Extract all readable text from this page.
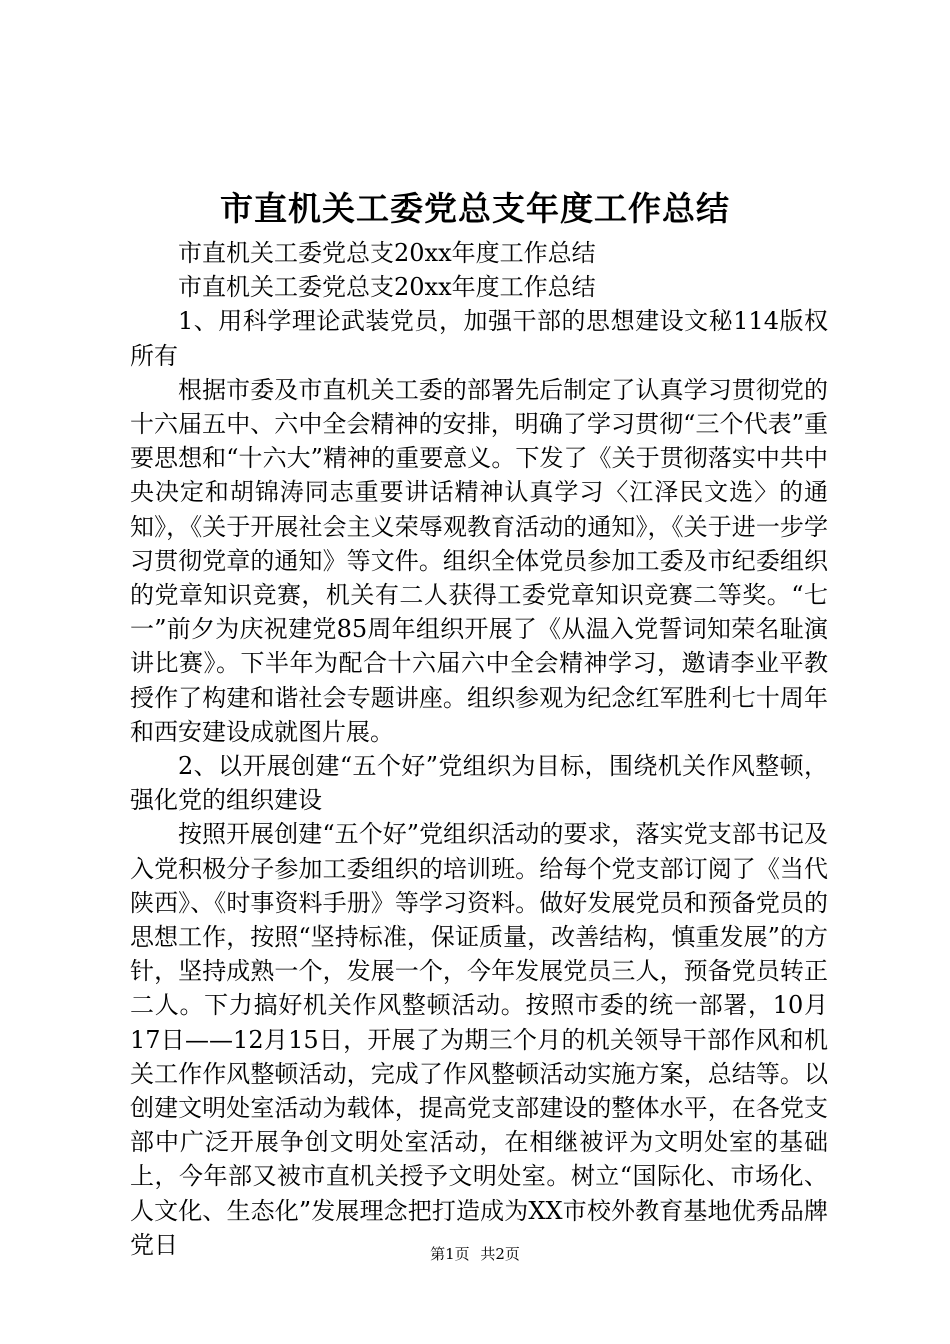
市直机关工委党总支年度工作总结

市直机关工委党总支20xx年度工作总结

市直机关工委党总支20xx年度工作总结

1、用科学理论武装党员，加强干部的思想建设文秘114版权所有

根据市委及市直机关工委的部署先后制定了认真学习贯彻党的十六届五中、六中全会精神的安排，明确了学习贯彻“三个代表”重要思想和“十六大”精神的重要意义。下发了《关于贯彻落实中共中央决定和胡锦涛同志重要讲话精神认真学习〈江泽民文选〉的通知》，《关于开展社会主义荣辱观教育活动的通知》，《关于进一步学习贯彻党章的通知》等文件。组织全体党员参加工委及市纪委组织的党章知识竞赛，机关有二人获得工委党章知识竞赛二等奖。“七一”前夕为庆祝建党85周年组织开展了《从温入党誓词知荣名耻演讲比赛》。下半年为配合十六届六中全会精神学习，邀请李业平教授作了构建和谐社会专题讲座。组织参观为纪念红军胜利七十周年和西安建设成就图片展。

2、以开展创建“五个好”党组织为目标，围绕机关作风整顿，强化党的组织建设

按照开展创建“五个好”党组织活动的要求，落实党支部书记及入党积极分子参加工委组织的培训班。给每个党支部订阅了《当代陕西》、《时事资料手册》等学习资料。做好发展党员和预备党员的思想工作，按照“坚持标准，保证质量，改善结构，慎重发展”的方针，坚持成熟一个，发展一个，今年发展党员三人，预备党员转正二人。下力搞好机关作风整顿活动。按照市委的统一部署，10月17日——12月15日，开展了为期三个月的机关领导干部作风和机关工作作风整顿活动，完成了作风整顿活动实施方案，总结等。以创建文明处室活动为载体，提高党支部建设的整体水平，在各党支部中广泛开展争创文明处室活动，在相继被评为文明处室的基础上，今年部又被市直机关授予文明处室。树立“国际化、市场化、人文化、生态化”发展理念把打造成为XX市校外教育基地优秀品牌党日	第1页 共2页
